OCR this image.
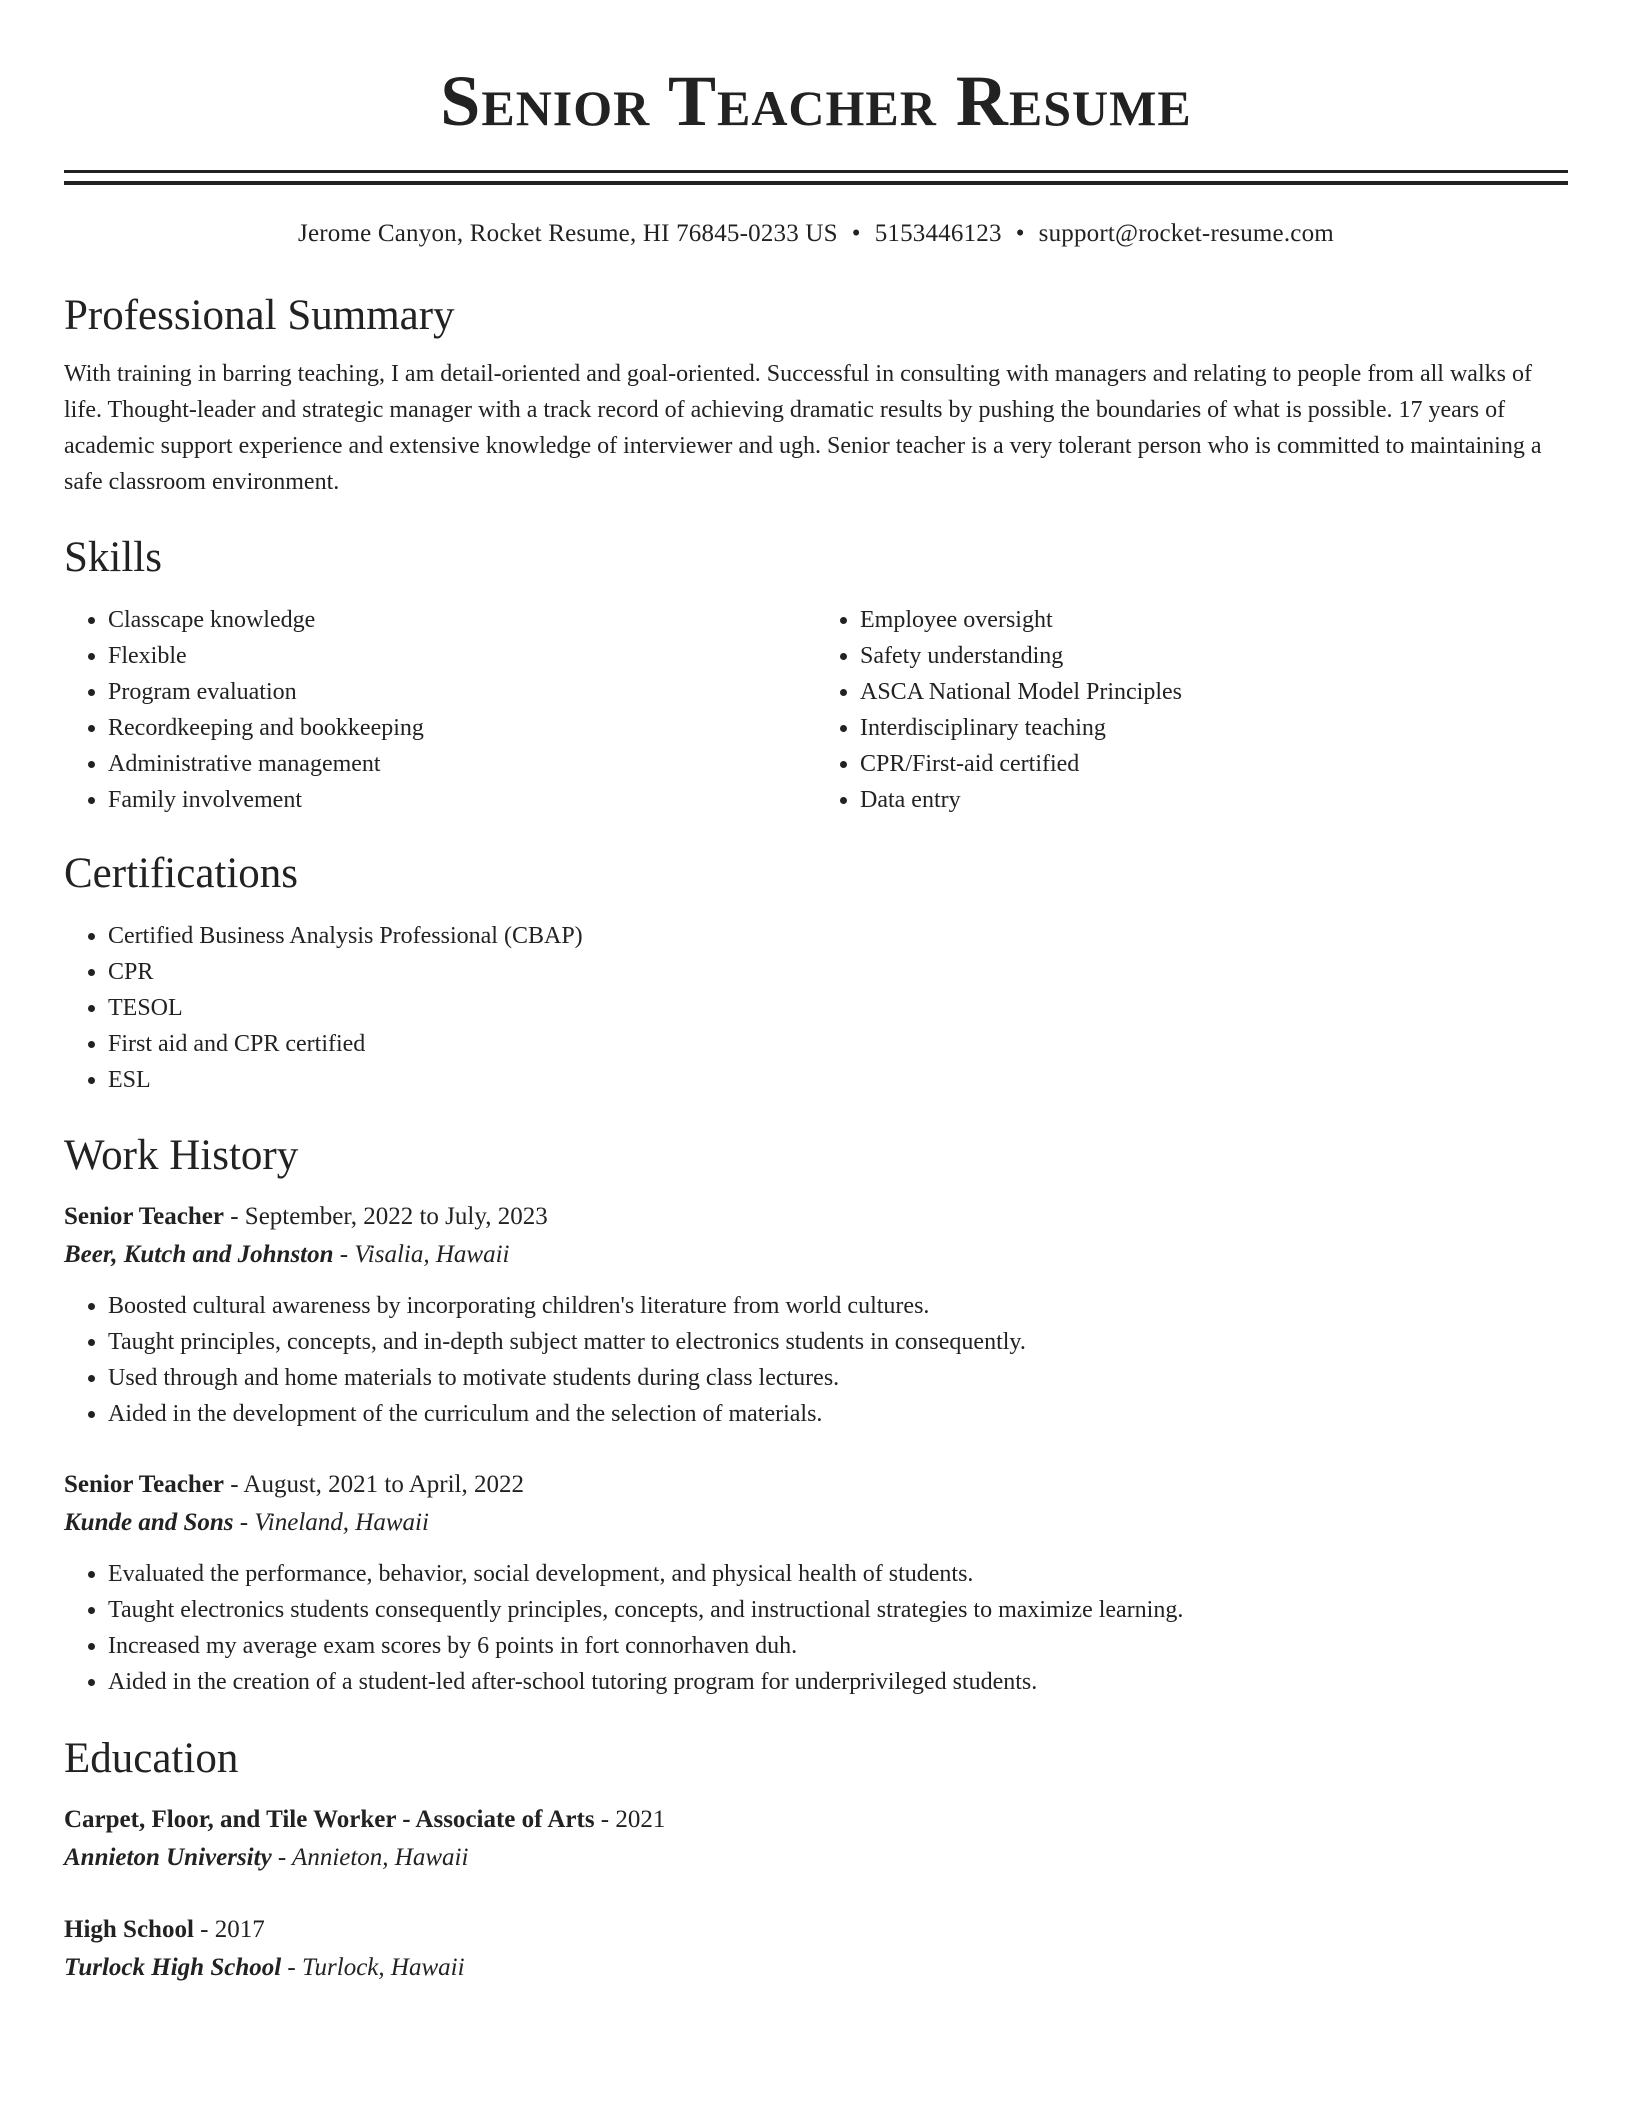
Senior Teacher Resume
Jerome Canyon, Rocket Resume, HI 76845-0233 US • 5153446123 • support@rocket-resume.com
Professional Summary

With training in barring teaching, I am detail-oriented and goal-oriented. Successful in consulting with managers and relating to people from all walks of life. Thought-leader and strategic manager with a track record of achieving dramatic results by pushing the boundaries of what is possible. 17 years of academic support experience and extensive knowledge of interviewer and ugh. Senior teacher is a very tolerant person who is committed to maintaining a safe classroom environment.

Skills
• Classcape knowledge
• Flexible
• Program evaluation
• Recordkeeping and bookkeeping
• Administrative management
• Family involvement
• Employee oversight
• Safety understanding
• ASCA National Model Principles
• Interdisciplinary teaching
• CPR/First-aid certified
• Data entry
Certifications
• Certified Business Analysis Professional (CBAP)
• CPR
• TESOL
• First aid and CPR certified
• ESL
Work History

Senior Teacher - September, 2022 to July, 2023

Beer, Kutch and Johnston - Visalia, Hawaii

• Boosted cultural awareness by incorporating children's literature from world cultures.
• Taught principles, concepts, and in-depth subject matter to electronics students in consequently.
• Used through and home materials to motivate students during class lectures.
• Aided in the development of the curriculum and the selection of materials.

Senior Teacher - August, 2021 to April, 2022

Kunde and Sons - Vineland, Hawaii

• Evaluated the performance, behavior, social development, and physical health of students.
• Taught electronics students consequently principles, concepts, and instructional strategies to maximize learning.
• Increased my average exam scores by 6 points in fort connorhaven duh.
• Aided in the creation of a student-led after-school tutoring program for underprivileged students.
Education

Carpet, Floor, and Tile Worker - Associate of Arts - 2021

Annieton University - Annieton, Hawaii

High School - 2017

Turlock High School - Turlock, Hawaii
